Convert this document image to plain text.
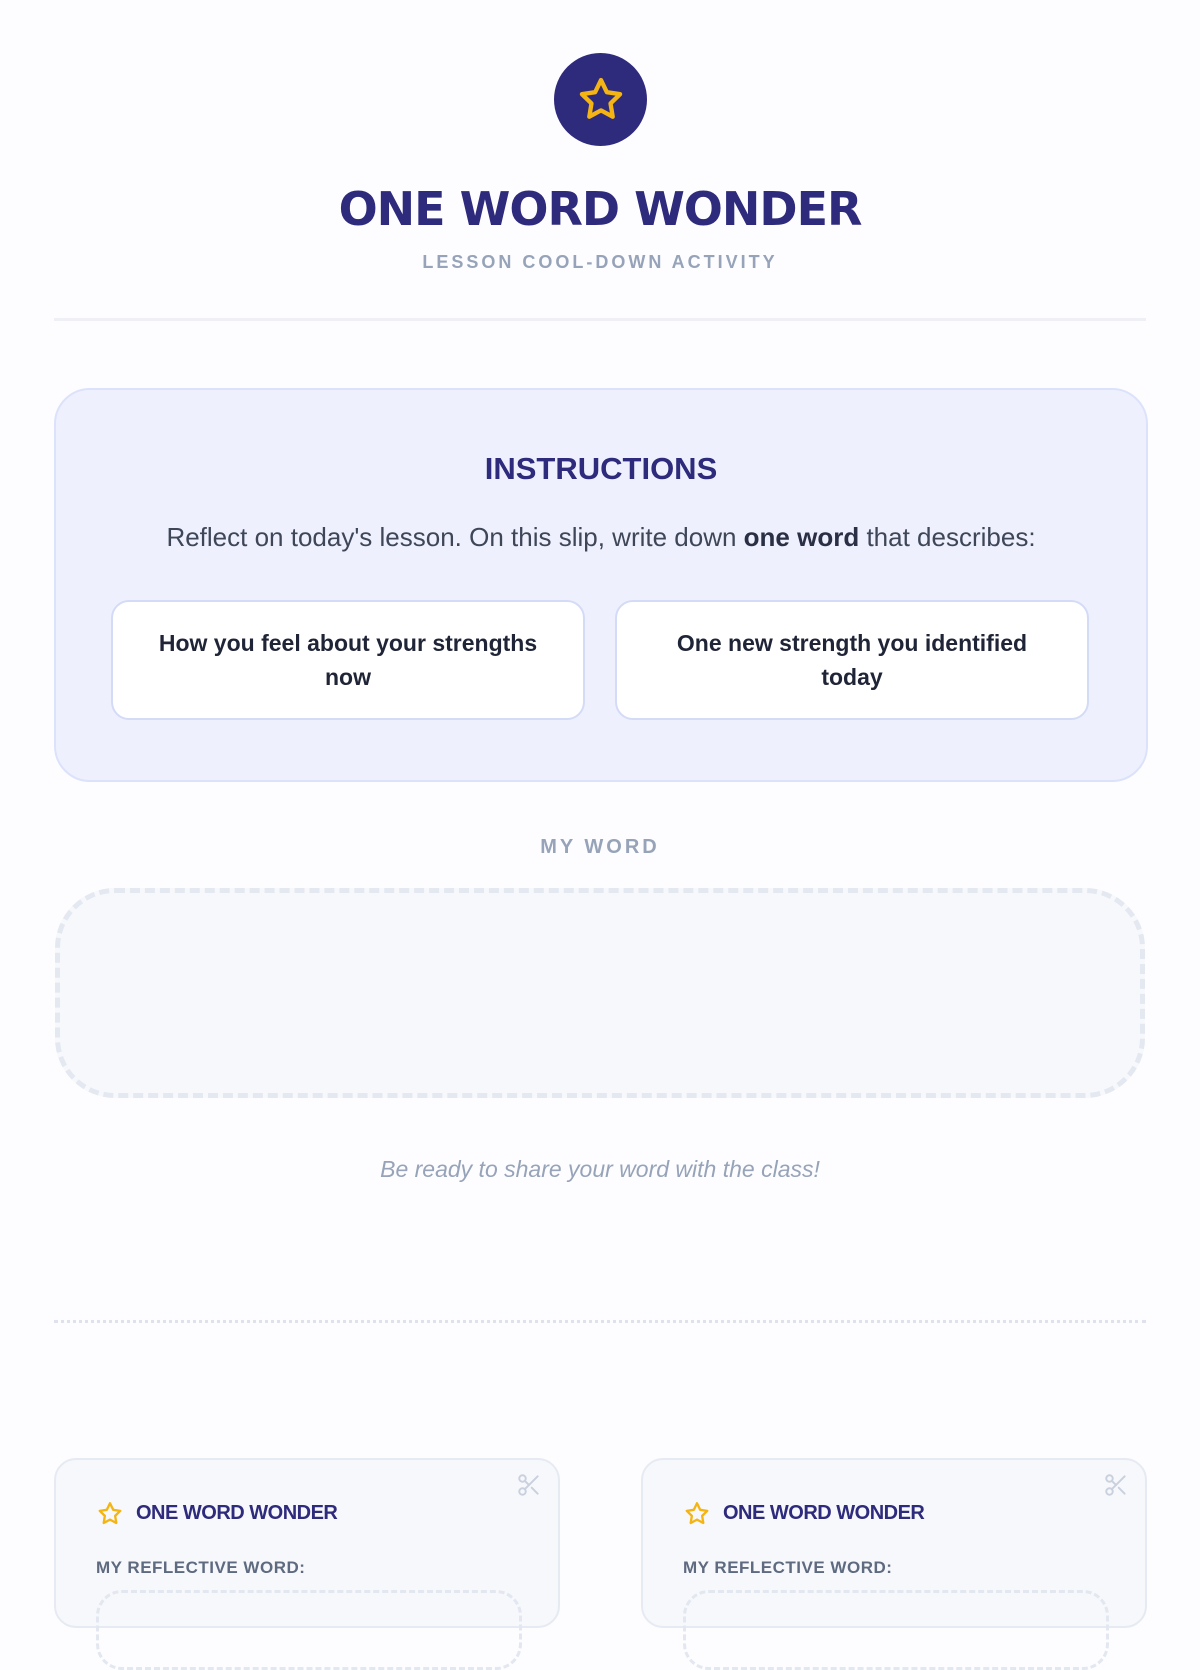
ONE WORD WONDER
LESSON COOL-DOWN ACTIVITY
INSTRUCTIONS
Reflect on today's lesson. On this slip, write down one word that describes:
How you feel about your strengths now
One new strength you identified today
MY WORD
Be ready to share your word with the class!
ONE WORD WONDER
MY REFLECTIVE WORD:
ONE WORD WONDER
MY REFLECTIVE WORD:
